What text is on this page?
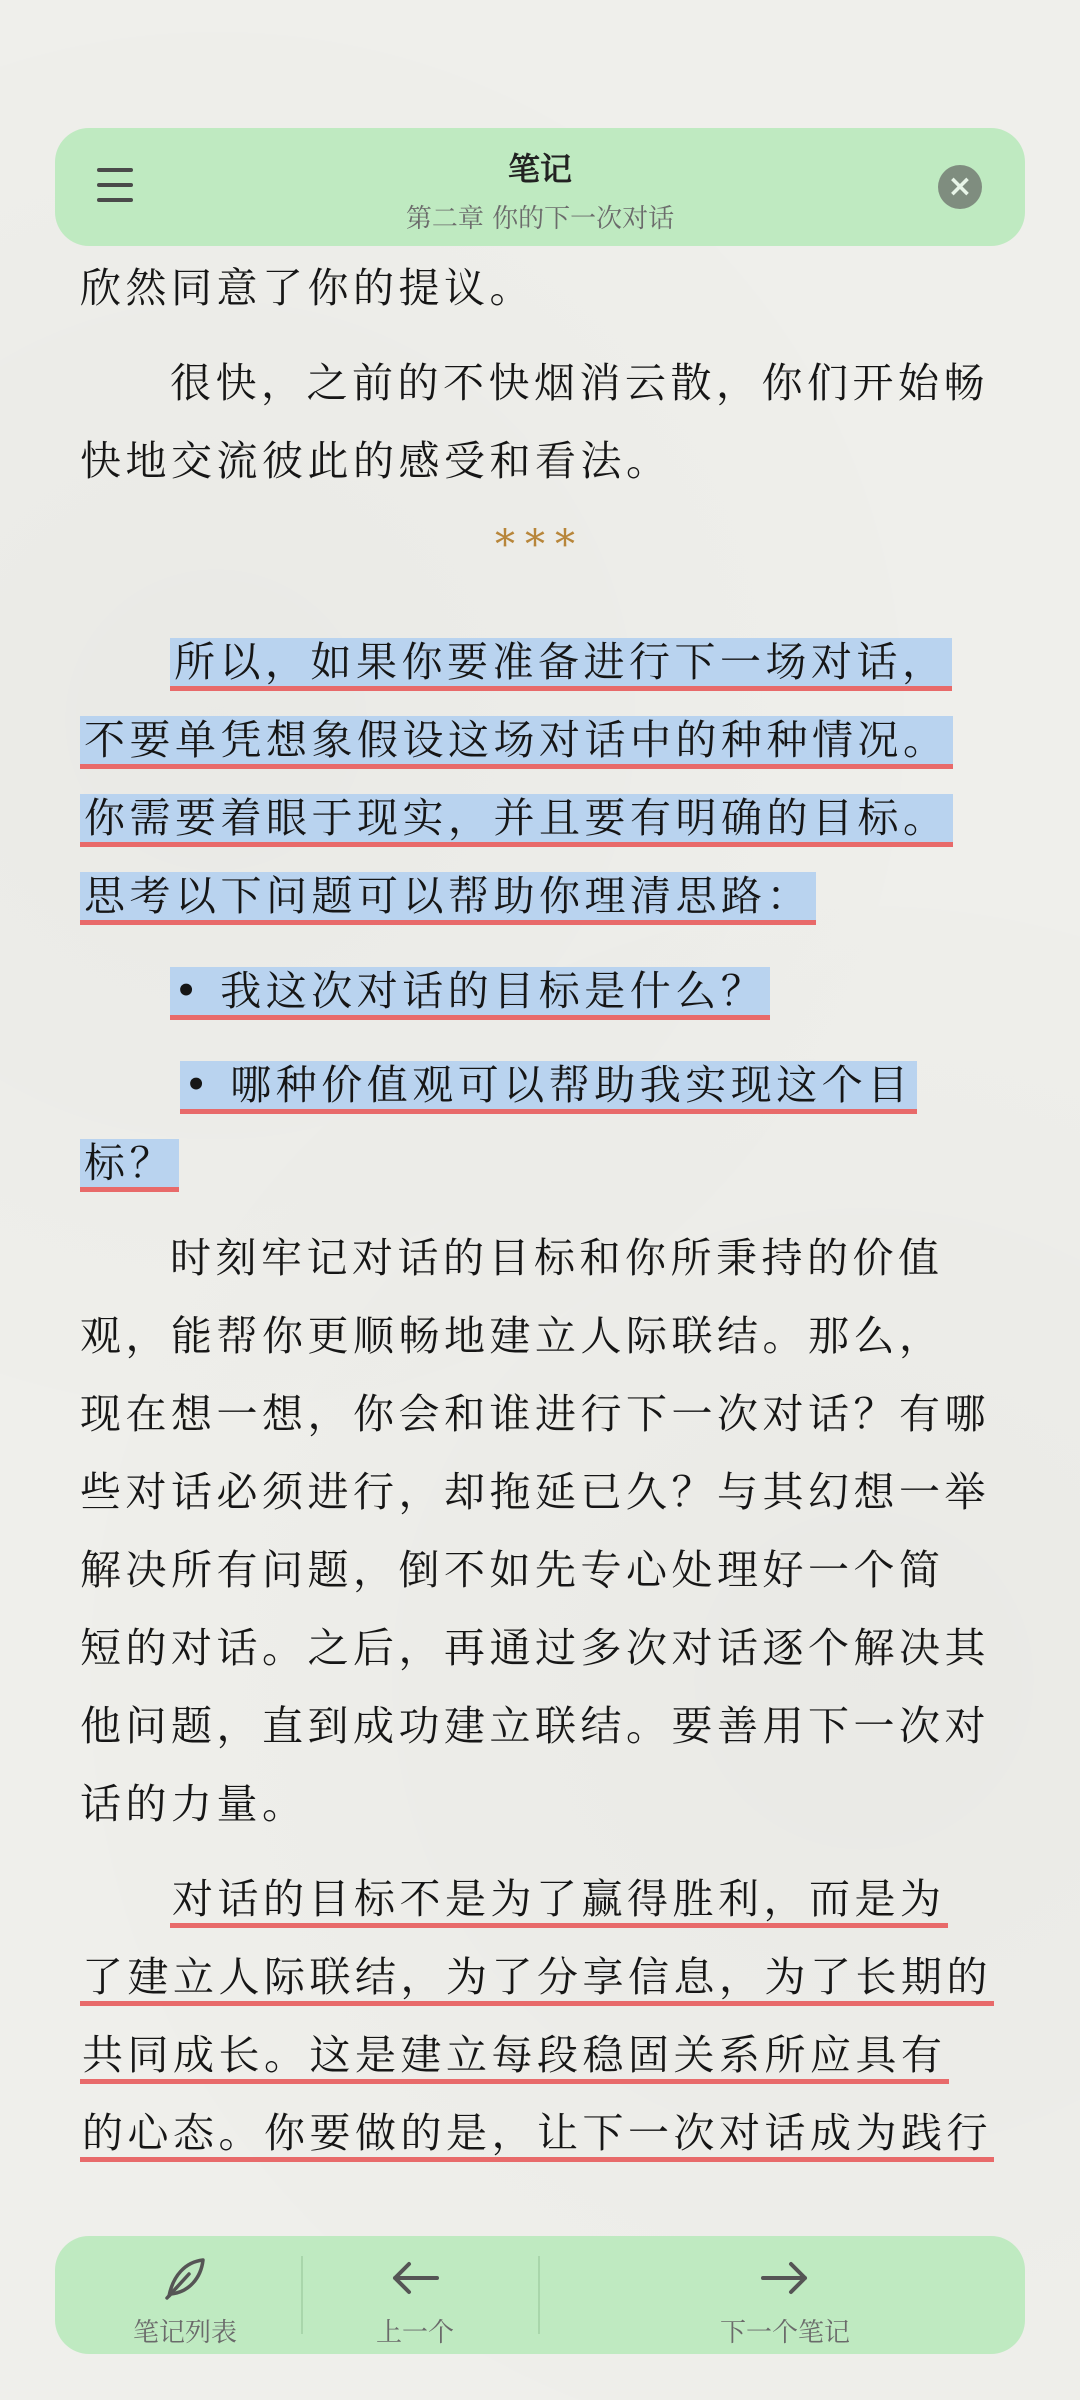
欣然同意了你的提议。
很快，之前的不快烟消云散，你们开始畅
快地交流彼此的感受和看法。
***
所以，如果你要准备进行下一场对话，
不要单凭想象假设这场对话中的种种情况。
你需要着眼于现实，并且要有明确的目标。
思考以下问题可以帮助你理清思路：
• 我这次对话的目标是什么？
• 哪种价值观可以帮助我实现这个目
标？
时刻牢记对话的目标和你所秉持的价值
观，能帮你更顺畅地建立人际联结。那么，
现在想一想，你会和谁进行下一次对话？有哪
些对话必须进行，却拖延已久？与其幻想一举
解决所有问题，倒不如先专心处理好一个简
短的对话。之后，再通过多次对话逐个解决其
他问题，直到成功建立联结。要善用下一次对
话的力量。
对话的目标不是为了赢得胜利，而是为
了建立人际联结，为了分享信息，为了长期的
共同成长。这是建立每段稳固关系所应具有
的心态。你要做的是，让下一次对话成为践行
笔记
第二章 你的下一次对话
×
笔记列表	上一个	下一个笔记
